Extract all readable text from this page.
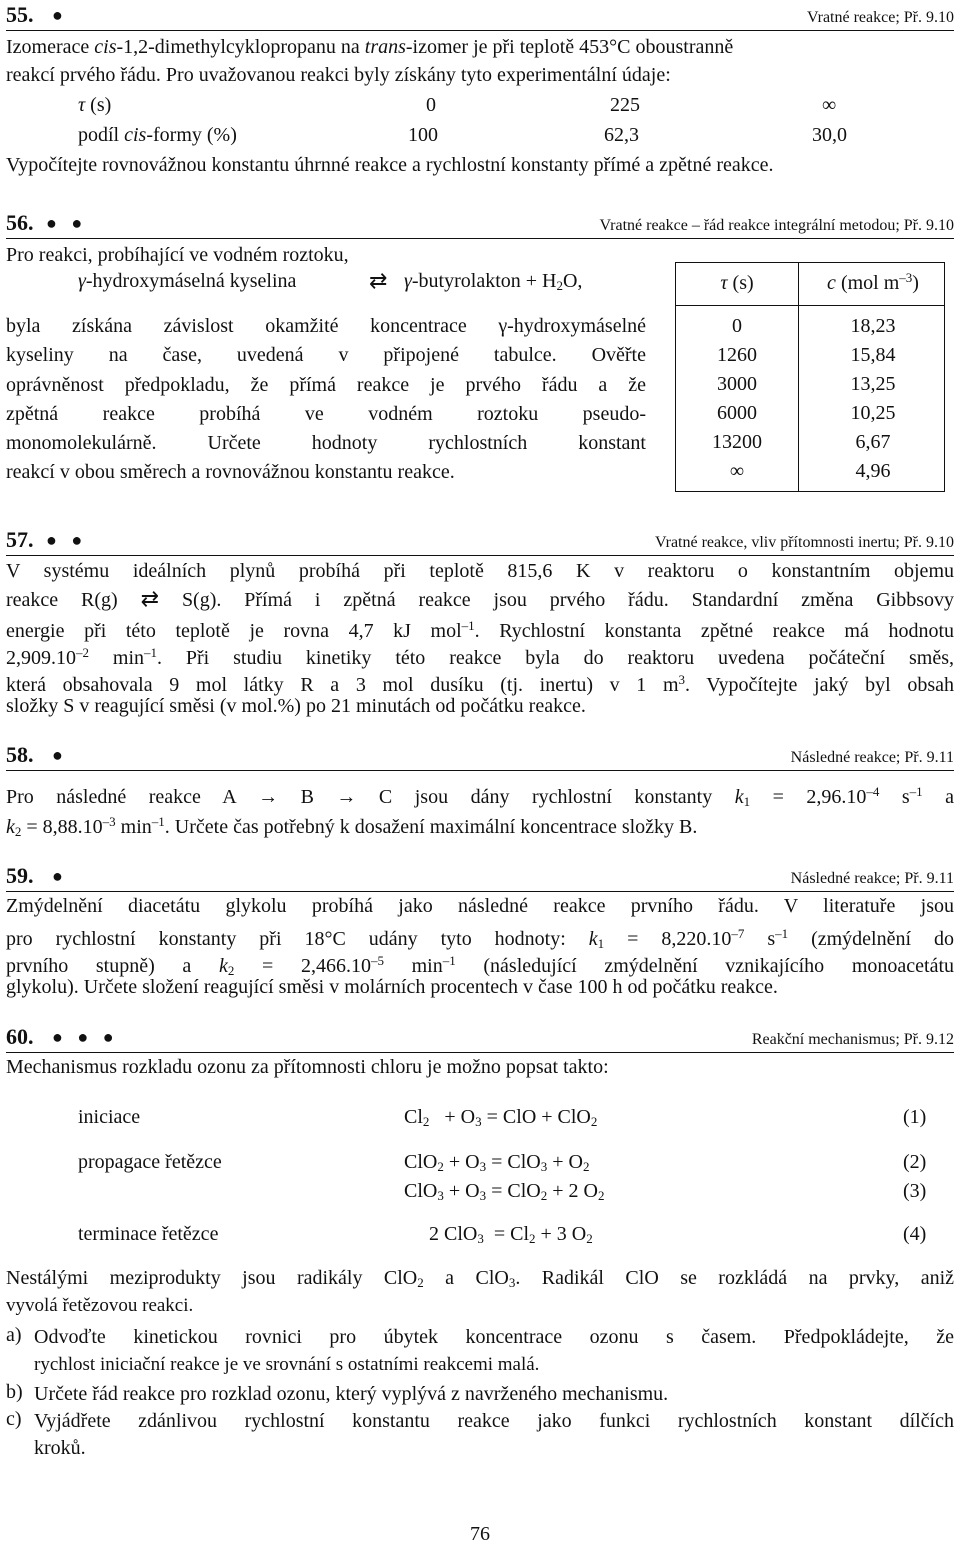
55. ●	Vratné reakce; Př. 9.10
Izomerace cis-1,2-dimethylcyklopropanu na trans-izomer je při teplotě 453°C oboustranně
reakcí prvého řádu. Pro uvažovanou reakci byly získány tyto experimentální údaje:
τ (s)	0	225	∞
podíl cis-formy (%)	100	62,3	30,0
Vypočítejte rovnovážnou konstantu úhrnné reakce a rychlostní konstanty přímé a zpětné reakce.
56. ● ●	Vratné reakce – řád reakce integrální metodou; Př. 9.10
Pro reakci, probíhající ve vodném roztoku,
γ-hydroxymáselná kyselina	⇄ γ-butyrolakton + $H_2O$,
byla získána závislost okamžité koncentrace γ-hydroxymáselné
kyseliny na čase, uvedená v připojené tabulce. Ověřte
oprávněnost předpokladu, že přímá reakce je prvého řádu a že
zpětná reakce probíhá ve vodném roztoku pseudo-
monomolekulárně. Určete hodnoty rychlostních konstant
reakcí v obou směrech a rovnovážnou konstantu reakce.
τ (s)	c (mol $m^{-3}$)
0	18,23
1260	15,84
3000	13,25
6000	10,25
13200	6,67
∞	4,96
57. ● ●	Vratné reakce, vliv přítomnosti inertu; Př. 9.10
V systému ideálních plynů probíhá při teplotě 815,6 K v reaktoru o konstantním objemu
reakce R(g) ⇄ S(g). Přímá i zpětná reakce jsou prvého řádu. Standardní změna Gibbsovy
energie při této teplotě je rovna 4,7 kJ mol$^{-1}$. Rychlostní konstanta zpětné reakce má hodnotu
$2,909.10^{-2}$ $\min^{-1}$. Při studiu kinetiky této reakce byla do reaktoru uvedena počáteční směs,
která obsahovala 9 mol látky R a 3 mol dusíku (tj. inertu) v 1 $m^3$. Vypočítejte jaký byl obsah
složky S v reagující směsi (v mol.%) po 21 minutách od počátku reakce.
58. ●	Následné reakce; Př. 9.11
Pro následné reakce A → B → C jsou dány rychlostní konstanty $k_1 = 2,96.10^{-4}$ $s^{-1}$ a
$k_2 = 8,88.10^{-3}$ $\min^{-1}$. Určete čas potřebný k dosažení maximální koncentrace složky B.
59. ●	Následné reakce; Př. 9.11
Zmýdelnění diacetátu glykolu probíhá jako následné reakce prvního řádu. V literatuře jsou
pro rychlostní konstanty při 18°C udány tyto hodnoty: $k_1 = 8,220.10^{-7}$ $s^{-1}$ (zmýdelnění do
prvního stupně) a $k_2 = 2,466.10^{-5}$ $\min^{-1}$ (následující zmýdelnění vznikajícího monoacetátu
glykolu). Určete složení reagující směsi v molárních procentech v čase 100 h od počátku reakce.
60. ● ● ●	Reakční mechanismus; Př. 9.12
Mechanismus rozkladu ozonu za přítomnosti chloru je možno popsat takto:
iniciace	$Cl_2 + O_3$ = ClO + ClO$_2$	(1)
propagace řetězce	$ClO_2 + O_3 = ClO_3 + O_2$	(2)
$ClO_3 + O_3 = ClO_2 + 2$ $O_2$	(3)
terminace řetězce	2 $ClO_3 = Cl_2 + 3$ $O_2$	(4)
Nestálými meziprodukty jsou radikály ClO$_2$ a ClO$_3$. Radikál ClO se rozkládá na prvky, aniž
vyvolá řetězovou reakci.
a) Odvoďte kinetickou rovnici pro úbytek koncentrace ozonu s časem. Předpokládejte, že
rychlost iniciační reakce je ve srovnání s ostatními reakcemi malá.
b) Určete řád reakce pro rozklad ozonu, který vyplývá z navrženého mechanismu.
c) Vyjádřete zdánlivou rychlostní konstantu reakce jako funkci rychlostních konstant dílčích
kroků.
76
